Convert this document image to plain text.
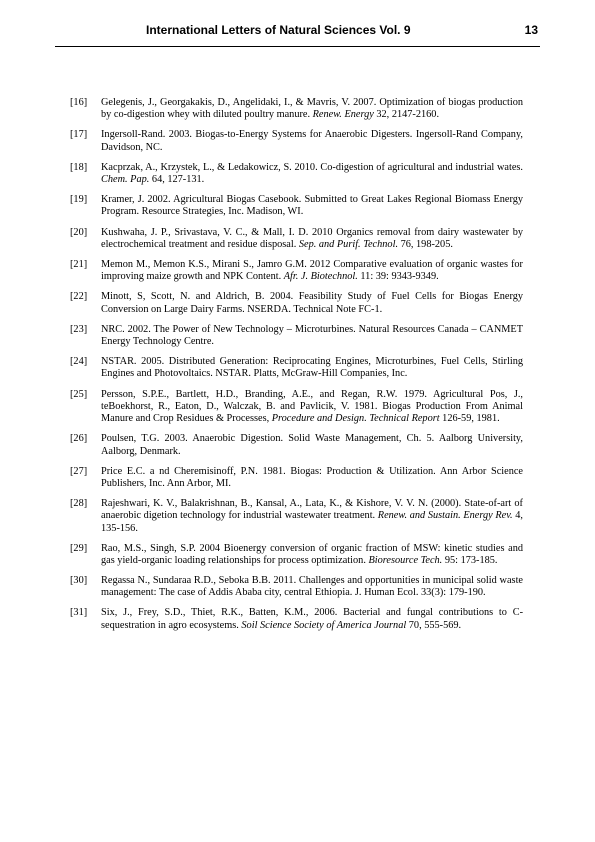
International Letters of Natural Sciences Vol. 9	13
[16]	Gelegenis, J., Georgakakis, D., Angelidaki, I., & Mavris, V. 2007. Optimization of biogas production by co-digestion whey with diluted poultry manure. Renew. Energy 32, 2147-2160.
[17]	Ingersoll-Rand. 2003. Biogas-to-Energy Systems for Anaerobic Digesters. Ingersoll-Rand Company, Davidson, NC.
[18]	Kacprzak, A., Krzystek, L., & Ledakowicz, S. 2010. Co-digestion of agricultural and industrial wates. Chem. Pap. 64, 127-131.
[19]	Kramer, J. 2002. Agricultural Biogas Casebook. Submitted to Great Lakes Regional Biomass Energy Program. Resource Strategies, Inc. Madison, WI.
[20]	Kushwaha, J. P., Srivastava, V. C., & Mall, I. D. 2010 Organics removal from dairy wastewater by electrochemical treatment and residue disposal. Sep. and Purif. Technol. 76, 198-205.
[21]	Memon M., Memon K.S., Mirani S., Jamro G.M. 2012 Comparative evaluation of organic wastes for improving maize growth and NPK Content. Afr. J. Biotechnol. 11: 39: 9343-9349.
[22]	Minott, S, Scott, N. and Aldrich, B. 2004. Feasibility Study of Fuel Cells for Biogas Energy Conversion on Large Dairy Farms. NSERDA. Technical Note FC-1.
[23]	NRC. 2002. The Power of New Technology – Microturbines. Natural Resources Canada – CANMET Energy Technology Centre.
[24]	NSTAR. 2005. Distributed Generation: Reciprocating Engines, Microturbines, Fuel Cells, Stirling Engines and Photovoltaics. NSTAR. Platts, McGraw-Hill Companies, Inc.
[25]	Persson, S.P.E., Bartlett, H.D., Branding, A.E., and Regan, R.W. 1979. Agricultural Pos, J., teBoekhorst, R., Eaton, D., Walczak, B. and Pavlicik, V. 1981. Biogas Production From Animal Manure and Crop Residues & Processes, Procedure and Design. Technical Report 126-59, 1981.
[26]	Poulsen, T.G. 2003. Anaerobic Digestion. Solid Waste Management, Ch. 5. Aalborg University, Aalborg, Denmark.
[27]	Price E.C. a nd Cheremisinoff, P.N. 1981. Biogas: Production & Utilization. Ann Arbor Science Publishers, Inc. Ann Arbor, MI.
[28]	Rajeshwari, K. V., Balakrishnan, B., Kansal, A., Lata, K., & Kishore, V. V. N. (2000). State-of-art of anaerobic digetion technology for industrial wastewater treatment. Renew. and Sustain. Energy Rev. 4, 135-156.
[29]	Rao, M.S., Singh, S.P. 2004 Bioenergy conversion of organic fraction of MSW: kinetic studies and gas yield-organic loading relationships for process optimization. Bioresource Tech. 95: 173-185.
[30]	Regassa N., Sundaraa R.D., Seboka B.B. 2011. Challenges and opportunities in municipal solid waste management: The case of Addis Ababa city, central Ethiopia. J. Human Ecol. 33(3): 179-190.
[31]	Six, J., Frey, S.D., Thiet, R.K., Batten, K.M., 2006. Bacterial and fungal contributions to C-sequestration in agro ecosystems. Soil Science Society of America Journal 70, 555-569.
